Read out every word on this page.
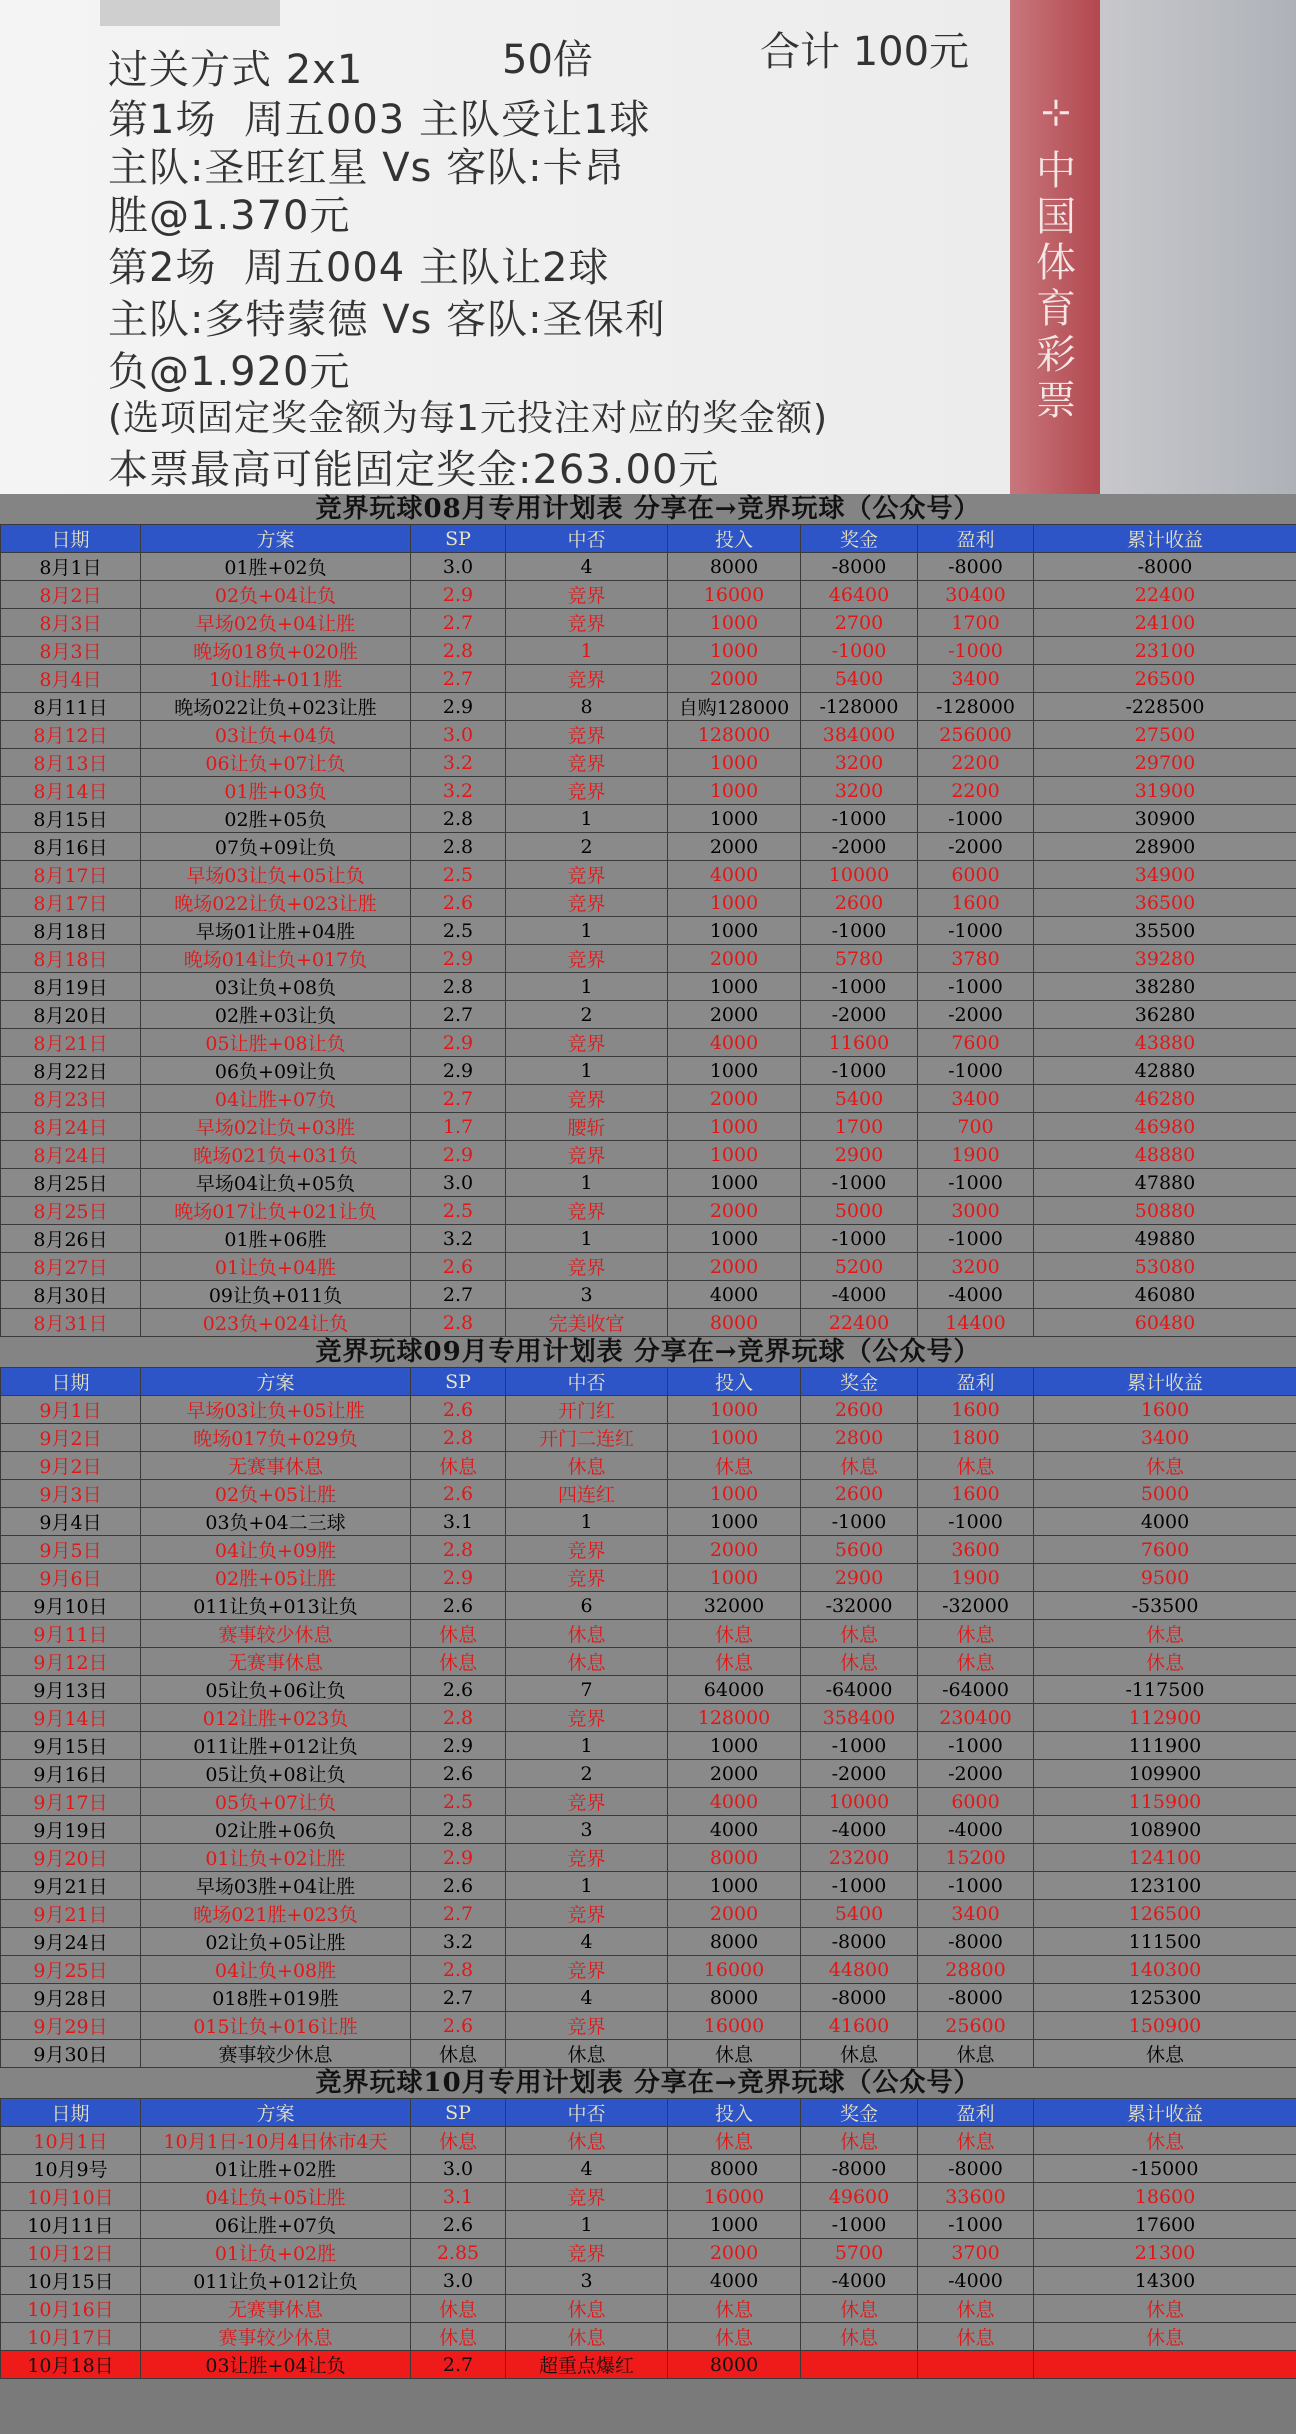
过关方式 2x1	50倍	合计 100元
第1场  周五003 主队受让1球
主队:圣旺红星 Vs 客队:卡昂
胜@1.370元
第2场  周五004 主队让2球
主队:多特蒙德 Vs 客队:圣保利
负@1.920元
(选项固定奖金额为每1元投注对应的奖金额)
本票最高可能固定奖金:263.00元
⊹
中
国
体
育
彩
票
竞界玩球08月专用计划表 分享在→竞界玩球（公众号）
日期	方案	SP	中否	投入	奖金	盈利	累计收益
8月1日	01胜+02负	3.0	4	8000	-8000	-8000	-8000
8月2日	02负+04让负	2.9	竞界	16000	46400	30400	22400
8月3日	早场02负+04让胜	2.7	竞界	1000	2700	1700	24100
8月3日	晚场018负+020胜	2.8	1	1000	-1000	-1000	23100
8月4日	10让胜+011胜	2.7	竞界	2000	5400	3400	26500
8月11日	晚场022让负+023让胜	2.9	8	自购128000	-128000	-128000	-228500
8月12日	03让负+04负	3.0	竞界	128000	384000	256000	27500
8月13日	06让负+07让负	3.2	竞界	1000	3200	2200	29700
8月14日	01胜+03负	3.2	竞界	1000	3200	2200	31900
8月15日	02胜+05负	2.8	1	1000	-1000	-1000	30900
8月16日	07负+09让负	2.8	2	2000	-2000	-2000	28900
8月17日	早场03让负+05让负	2.5	竞界	4000	10000	6000	34900
8月17日	晚场022让负+023让胜	2.6	竞界	1000	2600	1600	36500
8月18日	早场01让胜+04胜	2.5	1	1000	-1000	-1000	35500
8月18日	晚场014让负+017负	2.9	竞界	2000	5780	3780	39280
8月19日	03让负+08负	2.8	1	1000	-1000	-1000	38280
8月20日	02胜+03让负	2.7	2	2000	-2000	-2000	36280
8月21日	05让胜+08让负	2.9	竞界	4000	11600	7600	43880
8月22日	06负+09让负	2.9	1	1000	-1000	-1000	42880
8月23日	04让胜+07负	2.7	竞界	2000	5400	3400	46280
8月24日	早场02让负+03胜	1.7	腰斩	1000	1700	700	46980
8月24日	晚场021负+031负	2.9	竞界	1000	2900	1900	48880
8月25日	早场04让负+05负	3.0	1	1000	-1000	-1000	47880
8月25日	晚场017让负+021让负	2.5	竞界	2000	5000	3000	50880
8月26日	01胜+06胜	3.2	1	1000	-1000	-1000	49880
8月27日	01让负+04胜	2.6	竞界	2000	5200	3200	53080
8月30日	09让负+011负	2.7	3	4000	-4000	-4000	46080
8月31日	023负+024让负	2.8	完美收官	8000	22400	14400	60480
竞界玩球09月专用计划表 分享在→竞界玩球（公众号）
日期	方案	SP	中否	投入	奖金	盈利	累计收益
9月1日	早场03让负+05让胜	2.6	开门红	1000	2600	1600	1600
9月2日	晚场017负+029负	2.8	开门二连红	1000	2800	1800	3400
9月2日	无赛事休息	休息	休息	休息	休息	休息	休息
9月3日	02负+05让胜	2.6	四连红	1000	2600	1600	5000
9月4日	03负+04二三球	3.1	1	1000	-1000	-1000	4000
9月5日	04让负+09胜	2.8	竞界	2000	5600	3600	7600
9月6日	02胜+05让胜	2.9	竞界	1000	2900	1900	9500
9月10日	011让负+013让负	2.6	6	32000	-32000	-32000	-53500
9月11日	赛事较少休息	休息	休息	休息	休息	休息	休息
9月12日	无赛事休息	休息	休息	休息	休息	休息	休息
9月13日	05让负+06让负	2.6	7	64000	-64000	-64000	-117500
9月14日	012让胜+023负	2.8	竞界	128000	358400	230400	112900
9月15日	011让胜+012让负	2.9	1	1000	-1000	-1000	111900
9月16日	05让负+08让负	2.6	2	2000	-2000	-2000	109900
9月17日	05负+07让负	2.5	竞界	4000	10000	6000	115900
9月19日	02让胜+06负	2.8	3	4000	-4000	-4000	108900
9月20日	01让负+02让胜	2.9	竞界	8000	23200	15200	124100
9月21日	早场03胜+04让胜	2.6	1	1000	-1000	-1000	123100
9月21日	晚场021胜+023负	2.7	竞界	2000	5400	3400	126500
9月24日	02让负+05让胜	3.2	4	8000	-8000	-8000	111500
9月25日	04让负+08胜	2.8	竞界	16000	44800	28800	140300
9月28日	018胜+019胜	2.7	4	8000	-8000	-8000	125300
9月29日	015让负+016让胜	2.6	竞界	16000	41600	25600	150900
9月30日	赛事较少休息	休息	休息	休息	休息	休息	休息
竞界玩球10月专用计划表 分享在→竞界玩球（公众号）
日期	方案	SP	中否	投入	奖金	盈利	累计收益
10月1日	10月1日-10月4日休市4天	休息	休息	休息	休息	休息	休息
10月9号	01让胜+02胜	3.0	4	8000	-8000	-8000	-15000
10月10日	04让负+05让胜	3.1	竞界	16000	49600	33600	18600
10月11日	06让胜+07负	2.6	1	1000	-1000	-1000	17600
10月12日	01让负+02胜	2.85	竞界	2000	5700	3700	21300
10月15日	011让负+012让负	3.0	3	4000	-4000	-4000	14300
10月16日	无赛事休息	休息	休息	休息	休息	休息	休息
10月17日	赛事较少休息	休息	休息	休息	休息	休息	休息
10月18日	03让胜+04让负	2.7	超重点爆红	8000			
